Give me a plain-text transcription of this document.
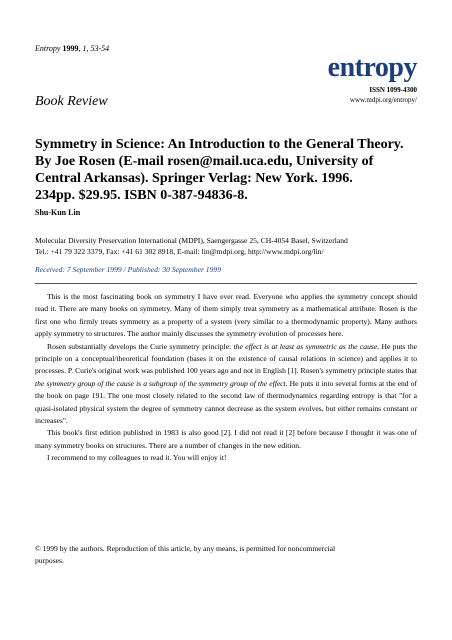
Entropy 1999, 1, 53-54
entropy
ISSN 1099-4300
www.mdpi.org/entropy/
Book Review
Symmetry in Science: An Introduction to the General Theory.
By Joe Rosen (E-mail rosen@mail.uca.edu, University of
Central Arkansas). Springer Verlag: New York. 1996.
234pp. $29.95. ISBN 0-387-94836-8.
Shu-Kun Lin
Molecular Diversity Preservation International (MDPI), Saengergasse 25, CH-4054 Basel, Switzerland
Tel.: +41 79 322 3379, Fax: +41 61 302 8918, E-mail: lin@mdpi.org, http://www.mdpi.org/lin/
Received: 7 September 1999 / Published: 30 September 1999

This is the most fascinating book on symmetry I have ever read. Everyone who applies the symmetry concept should read it. There are many books on symmetry. Many of them simply treat symmetry as a mathematical attribute. Rosen is the first one who firmly treats symmetry as a property of a system (very similar to a thermodynamic property). Many authors apply symmetry to structures. The author mainly discusses the symmetry evolution of processes here.

Rosen substantially develops the Curie symmetry principle: the effect is at least as symmetric as the cause. He puts the principle on a conceptual/theoretical foundation (bases it on the existence of causal relations in science) and applies it to processes. P. Curie's original work was published 100 years ago and not in English [1]. Rosen's symmetry principle states that the symmetry group of the cause is a subgroup of the symmetry group of the effect. He puts it into several forms at the end of the book on page 191. The one most closely related to the second law of thermodynamics regarding entropy is that "for a quasi-isolated physical system the degree of symmetry cannot decrease as the system evolves, but either remains constant or increases".

This book's first edition published in 1983 is also good [2]. I did not read it [2] before because I thought it was one of many symmetry books on structures. There are a number of changes in the new edition.

I recommend to my colleagues to read it. You will enjoy it!

© 1999 by the authors. Reproduction of this article, by any means, is permitted for noncommercial
purposes.
